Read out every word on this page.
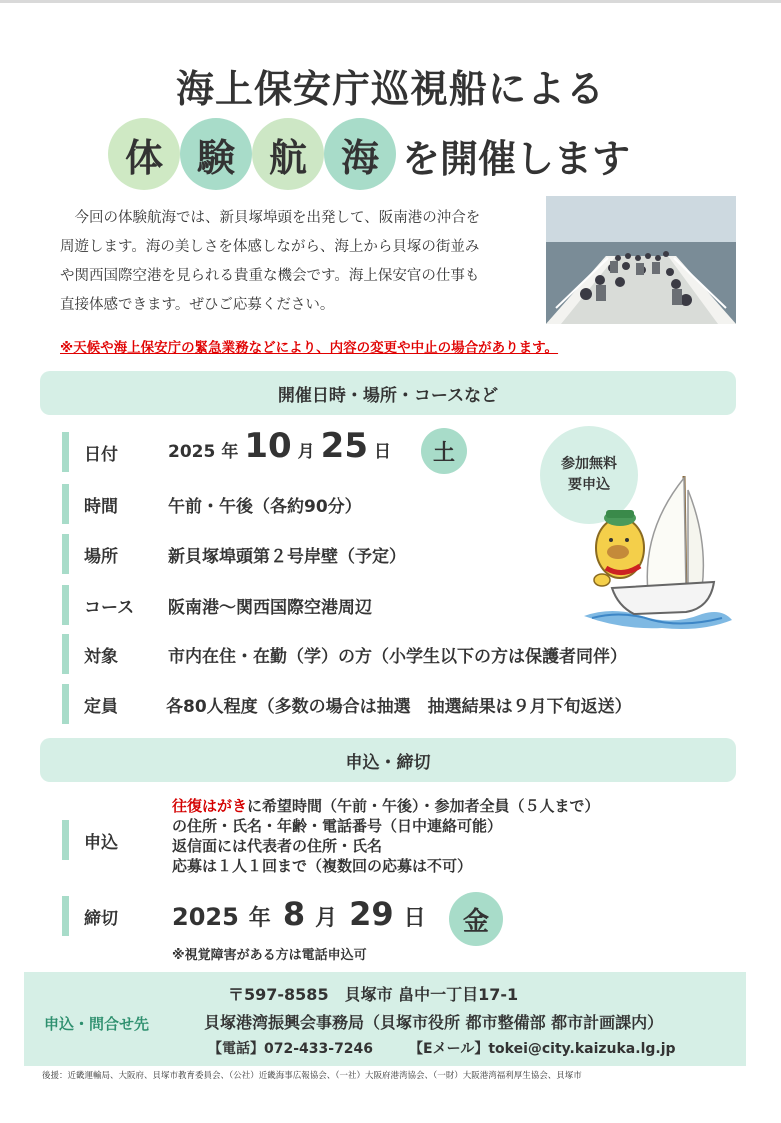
海上保安庁巡視船による
体 験 航 海 を開催します
今回の体験航海では、新貝塚埠頭を出発して、阪南港の沖合を
周遊します。海の美しさを体感しながら、海上から貝塚の街並み
や関西国際空港を見られる貴重な機会です。海上保安官の仕事も
直接体感できます。ぜひご応募ください。
※天候や海上保安庁の緊急業務などにより、内容の変更や中止の場合があります。
開催日時・場所・コースなど
日付	2025 年 10 月 25 日	土	参加無料
要申込
時間	午前・午後（各約90分）
場所	新貝塚埠頭第２号岸壁（予定）
コース 阪南港〜関西国際空港周辺
対象	市内在住・在勤（学）の方（小学生以下の方は保護者同伴）
定員	各80人程度（多数の場合は抽選　抽選結果は９月下旬返送）
申込・締切
申込
往復はがきに希望時間（午前・午後）・参加者全員（５人まで）
の住所・氏名・年齢・電話番号（日中連絡可能）
返信面には代表者の住所・氏名
応募は１人１回まで（複数回の応募は不可）
締切 2025 年 8 月 29 日	金
※視覚障害がある方は電話申込可
申込・問合せ先
〒597-8585　貝塚市 畠中一丁目17-1
貝塚港湾振興会事務局（貝塚市役所 都市整備部 都市計画課内）
【電話】072-433-7246	【Eメール】tokei@city.kaizuka.lg.jp
後援：近畿運輸局、大阪府、貝塚市教育委員会、（公社）近畿海事広報協会、（一社）大阪府港湾協会、（一財）大阪港湾福利厚生協会、貝塚市
